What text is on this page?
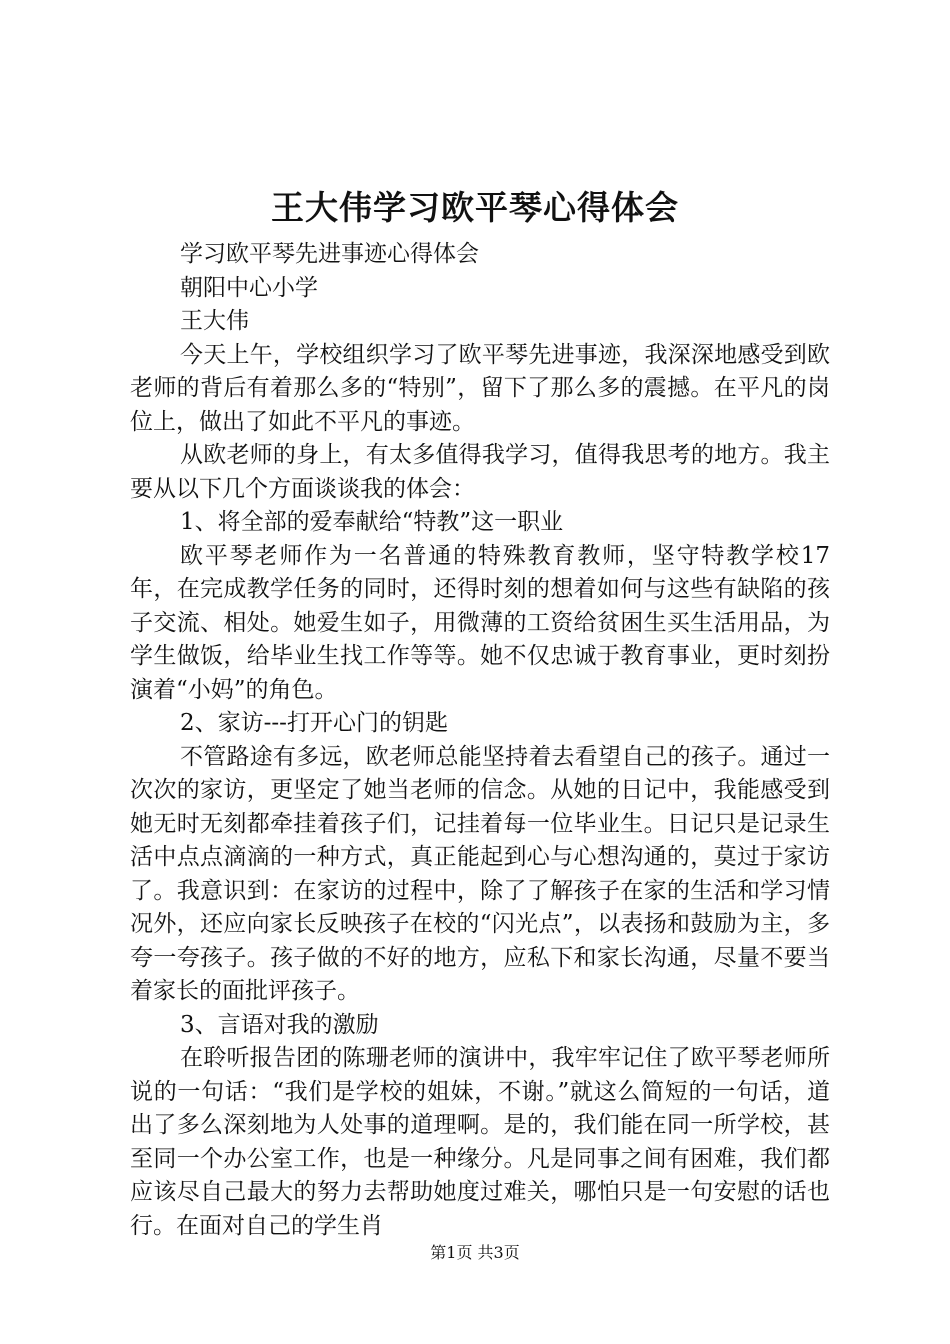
王大伟学习欧平琴心得体会

学习欧平琴先进事迹心得体会

朝阳中心小学

王大伟

今天上午，学校组织学习了欧平琴先进事迹，我深深地感受到欧老师的背后有着那么多的“特别”，留下了那么多的震撼。在平凡的岗位上，做出了如此不平凡的事迹。

从欧老师的身上，有太多值得我学习，值得我思考的地方。我主要从以下几个方面谈谈我的体会：

1、将全部的爱奉献给“特教”这一职业

欧平琴老师作为一名普通的特殊教育教师，坚守特教学校17年，在完成教学任务的同时，还得时刻的想着如何与这些有缺陷的孩子交流、相处。她爱生如子，用微薄的工资给贫困生买生活用品，为学生做饭，给毕业生找工作等等。她不仅忠诚于教育事业，更时刻扮演着“小妈”的角色。

2、家访---打开心门的钥匙

不管路途有多远，欧老师总能坚持着去看望自己的孩子。通过一次次的家访，更坚定了她当老师的信念。从她的日记中，我能感受到她无时无刻都牵挂着孩子们，记挂着每一位毕业生。日记只是记录生活中点点滴滴的一种方式，真正能起到心与心想沟通的，莫过于家访了。我意识到：在家访的过程中，除了了解孩子在家的生活和学习情况外，还应向家长反映孩子在校的“闪光点”，以表扬和鼓励为主，多夸一夸孩子。孩子做的不好的地方，应私下和家长沟通，尽量不要当着家长的面批评孩子。

3、言语对我的激励

在聆听报告团的陈珊老师的演讲中，我牢牢记住了欧平琴老师所说的一句话：“我们是学校的姐妹，不谢。”就这么简短的一句话，道出了多么深刻地为人处事的道理啊。是的，我们能在同一所学校，甚至同一个办公室工作，也是一种缘分。凡是同事之间有困难，我们都应该尽自己最大的努力去帮助她度过难关，哪怕只是一句安慰的话也行。在面对自己的学生肖

第1页 共3页
